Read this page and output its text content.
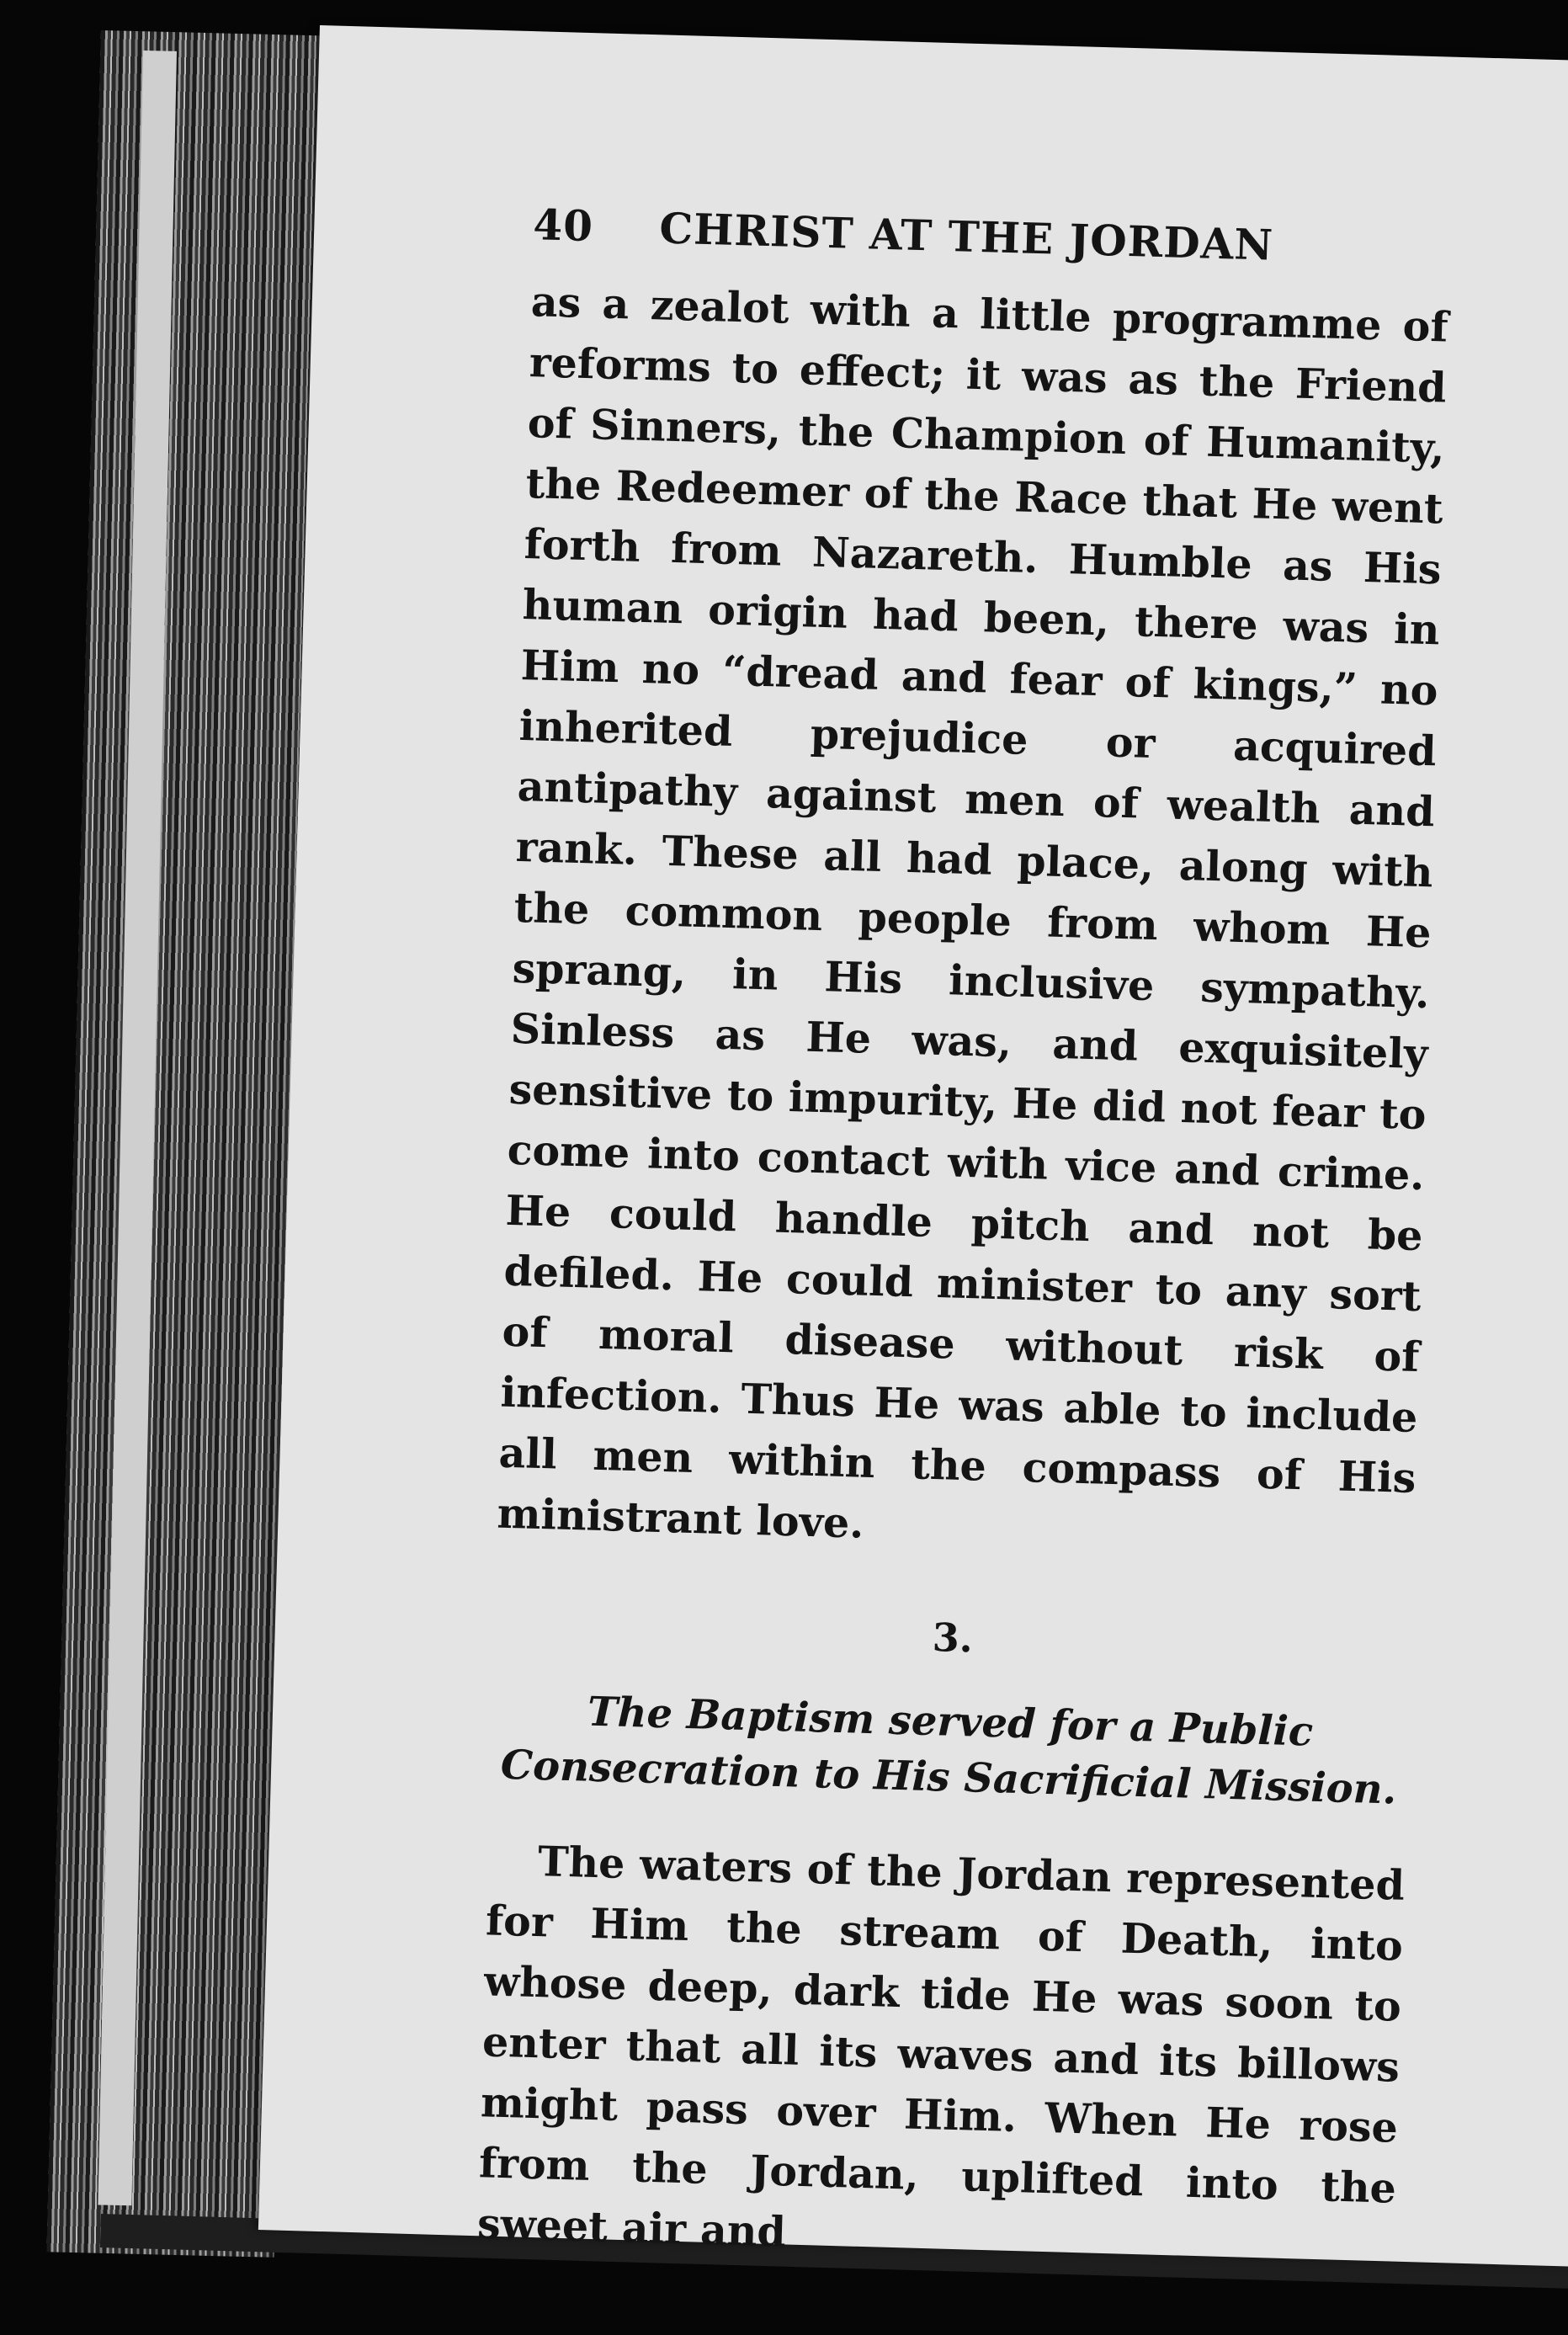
40	CHRIST AT THE JORDAN

as a zealot with a little programme of reforms to effect; it was as the Friend of Sinners, the Champion of Humanity, the Redeemer of the Race that He went forth from Nazareth. Humble as His human origin had been, there was in Him no “dread and fear of kings,” no inherited prejudice or acquired antipathy against men of wealth and rank. These all had place, along with the common people from whom He sprang, in His inclusive sympathy. Sinless as He was, and exquisitely sensitive to impurity, He did not fear to come into contact with vice and crime. He could handle pitch and not be defiled. He could minister to any sort of moral disease without risk of infection. Thus He was able to include all men within the compass of His ministrant love.

3.

The Baptism served for a Public Consecration to His Sacrificial Mission.

The waters of the Jordan represented for Him the stream of Death, into whose deep, dark tide He was soon to enter that all its waves and its billows might pass over Him. When He rose from the Jordan, uplifted into the sweet air and
